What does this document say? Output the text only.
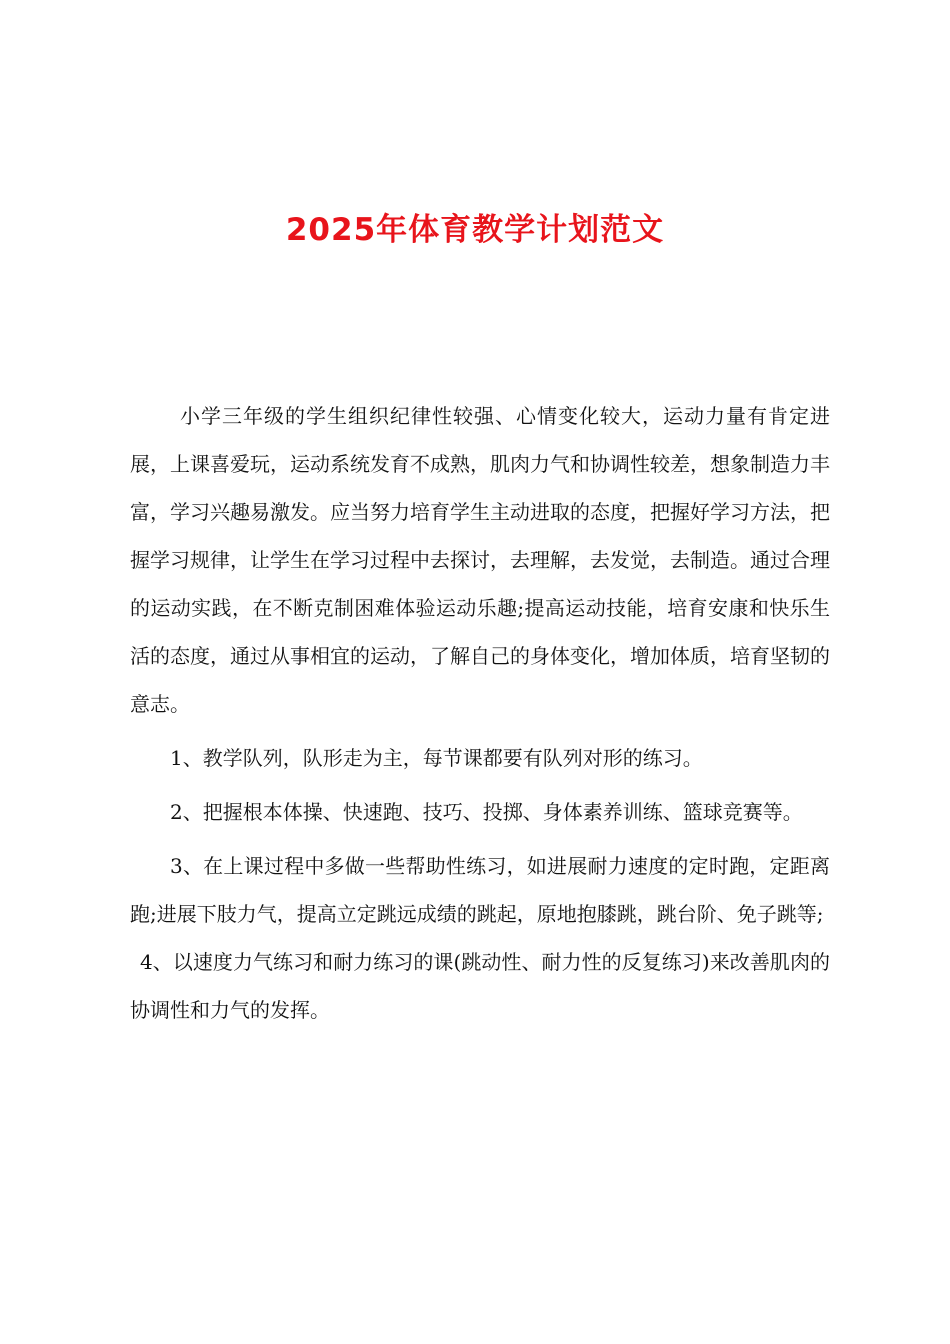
2025年体育教学计划范文

小学三年级的学生组织纪律性较强、心情变化较大，运动力量有肯定进展，上课喜爱玩，运动系统发育不成熟，肌肉力气和协调性较差，想象制造力丰富，学习兴趣易激发。应当努力培育学生主动进取的态度，把握好学习方法，把握学习规律，让学生在学习过程中去探讨，去理解，去发觉，去制造。通过合理的运动实践，在不断克制困难体验运动乐趣;提高运动技能，培育安康和快乐生活的态度，通过从事相宜的运动，了解自己的身体变化，增加体质，培育坚韧的意志。

1、教学队列，队形走为主，每节课都要有队列对形的练习。

2、把握根本体操、快速跑、技巧、投掷、身体素养训练、篮球竞赛等。

3、在上课过程中多做一些帮助性练习，如进展耐力速度的定时跑，定距离跑;进展下肢力气，提高立定跳远成绩的跳起，原地抱膝跳，跳台阶、免子跳等;

4、以速度力气练习和耐力练习的课(跳动性、耐力性的反复练习)来改善肌肉的协调性和力气的发挥。
